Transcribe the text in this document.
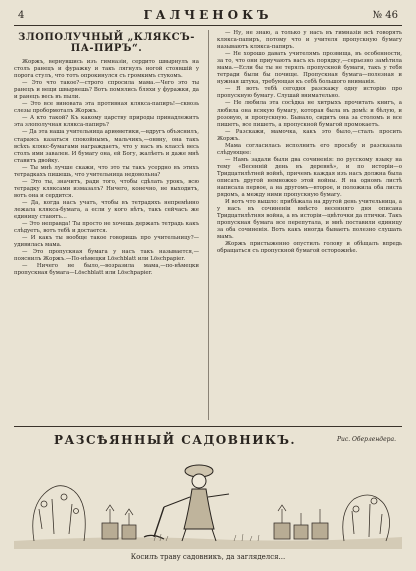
4	ГАЛЧЕНОКЪ	№ 46
ЗЛОПОЛУЧНЫЙ „КЛЯКСЪ-ПА-ПИРЪ“.

Жоржъ, вернувшись изъ гимназіи, сердито швырнулъ на столъ ранецъ и фуражку и такъ лягнулъ ногой стоявшій у порога стулъ, что тотъ опрокинулся съ громкимъ стукомъ.

— Это что такое?—строго спросила мама.—Чего это ты ранецъ и вещи швыряешь? Вотъ помялись бляхи у фуражки, да и ранецъ весь въ пыли.

— Это все виновата эта противная клякса-папиръ!—сквозь слезы пробормоталъ Жоржъ.

— А кто такой? Къ какому царству природы принадлежитъ эта злополучная клякса-папиръ?

— Да эта наша учительница ариѳметики,—вдругъ объяснилъ, стараясь казаться спокойнымъ, мальчикъ,—онвну, она такъ всѣхъ клякс-бумагами награждаетъ, что у насъ въ классѣ весь столъ ими завален. И бумагу она, ей Богу, жалѣетъ и даже мнѣ ставитъ двойку.

— Ты мнѣ лучше скажи, что это ты такъ усердно въ этихъ тетрадкахъ пишешь, что учительница недовольна?

— Это ты, значитъ, ради того, чтобы сдѣлать урокъ, всю тетрадку кляксами измазалъ? Ничего, конечно, не выходитъ, вотъ она и сердится.

— Да, когда насъ учатъ, чтобы въ тетрадяхъ непремѣнно лежала клякса-бумага, а если у кого нѣтъ, такъ сейчасъ же единицу ставятъ...

— Это неправда! Ты просто не хочешь держать тетрадь какъ слѣдуетъ, вотъ тебѣ и достается.

— И какъ ты вообще такое говоришь про учительницу?—удивилась мама.

— Это пропускная бумага у насъ такъ называется,—пояснилъ Жоржъ.—По-нѣмецки Löschblatt или Löschpapier.

— Ничего не было,—возразила мама,—по-нѣмецки пропускная бумага—Löschblatt или Löschpapier.

— Ну, не знаю, а только у насъ въ гимназіи всѣ говорятъ клякса-папиръ, потому что и учителя пропускную бумагу называютъ клякса-папиръ.

— Не хорошо давать учителямъ прозвища, въ особенности, за то, что они приучаютъ васъ къ порядку,—серьезно замѣтила мама.—Если бы ты не терялъ пропускной бумаги, такъ у тебя тетради были бы почище. Пропускная бумага—полезная и нужная штука, требующая къ себѣ большого вниманія.

— Я вотъ тебѣ сегодня разскажу одну исторію про пропускную бумагу. Слушай внимательно.

— Не любила эта сосѣдка не хитрыхъ прочитать книгъ, а любила она всякую бумагу, которая была въ домѣ: и бѣлую, и розовую, и пропускную. Бывало, сидитъ она за столомъ и все пишетъ, все пишетъ, а пропускной бумагой промокаетъ.

— Разскажи, мамочка, какъ это было,—сталъ просить Жоржъ.

Мама согласилась исполнить его просьбу и разсказала слѣдующее:

— Намъ задали были два сочиненія: по русскому языку на тему «Весенній день въ деревнѣ», и по исторіи—о Тридцатилѣтней войнѣ, причемъ каждая изъ насъ должна была описать другой немножко этой войны. Я на одномъ листѣ написала первое, а на другомъ—второе, и положила оба листа рядомъ, а между ними пропускную бумагу.

И вотъ что вышло: прибѣжала на другой день учительница, а у насъ въ сочиненіи вмѣсто весенняго дня описана Тридцатилѣтняя война, а въ исторіи—цвѣточки да птички. Такъ пропускная бумага все перепутала, и мнѣ поставили единицу за оба сочиненія. Вотъ какъ иногда бываетъ полезно слушать мамъ.

Жоржъ пристыженно опустилъ голову и обѣщалъ впредь обращаться съ пропускной бумагой осторожнѣе.

РАЗСѢЯННЫЙ САДОВНИКЪ.	Рис. Оберлендера.
Косилъ траву садовникъ, да загляделся...
